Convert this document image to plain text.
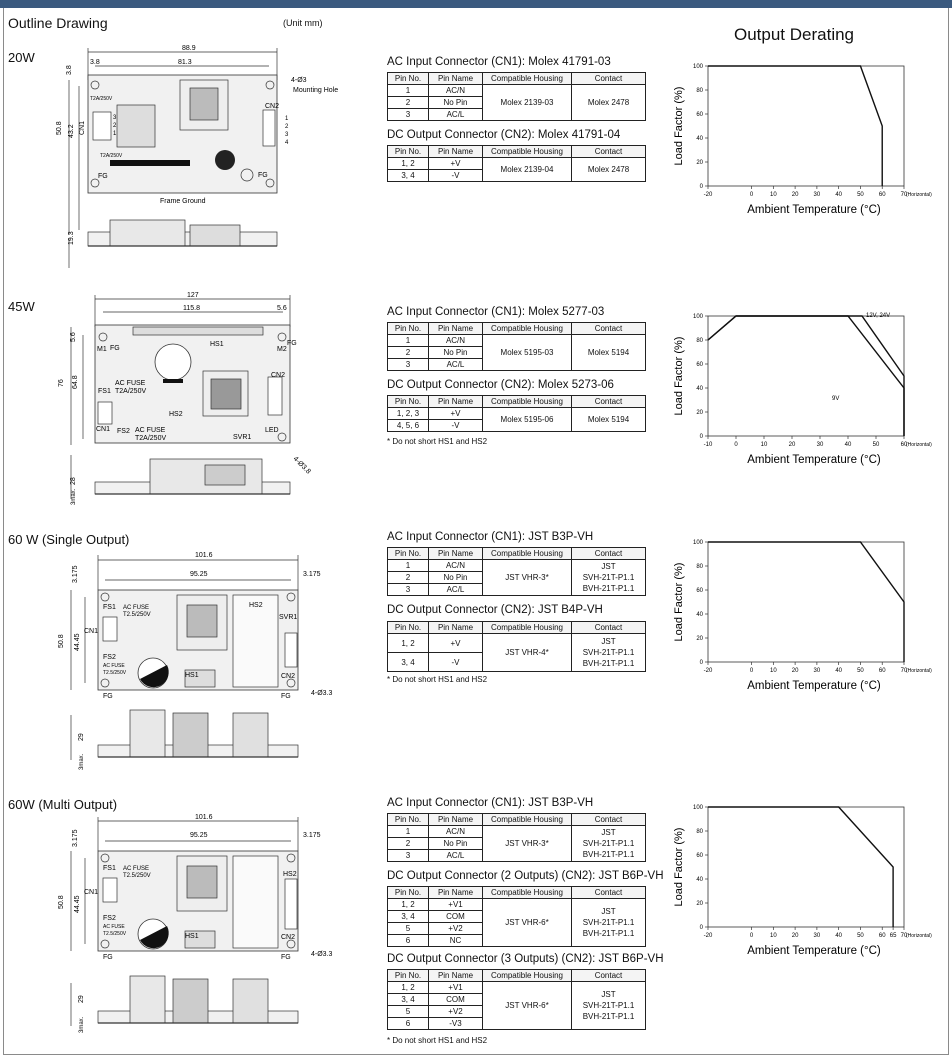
Outline Drawing	(Unit mm)
Output Derating
20W
45W
60 W (Single Output)
60W (Multi Output)
88.9
81.3
3.8
3.8
50.8 43.2
19.3
4-Ø3
Mounting Hole
CN1
CN2
FG	FG
Frame Ground
T2A/250V
T2A/250V
3
2
1
1
2
3
4
127
115.8
5.6
5.6
76 64.8
28
3max.
FG
FG
M1	M2
HS1
HS2
FS1
FS2
CN1
CN2
AC FUSE
T2A/250V
AC FUSE
T2A/250V	SVR1
LED
4-Ø3.8
101.6
95.25
3.175	3.175
50.8 44.45
29
3max.
FS1
FS2
CN1
CN2
HS2
HS1
SVR1
FG	FG
AC FUSE
T2.5/250V
AC FUSE
T2.5/250V
4-Ø3.3
101.6
95.25
3.175	3.175
50.8 44.45
29
3max.
FS1
FS2
CN1
CN2
HS2
HS1
FG	FG
AC FUSE
T2.5/250V
AC FUSE
T2.5/250V
4-Ø3.3
AC Input Connector (CN1): Molex 41791-03
Pin No.	Pin Name	Compatible Housing	Contact
1	AC/N	Molex 2139-03	Molex 2478
2	No Pin		
3	AC/L		
DC Output Connector (CN2): Molex 41791-04
Pin No.	Pin Name	Compatible Housing	Contact
1, 2	+V	Molex 2139-04	Molex 2478
3, 4	-V		
AC Input Connector (CN1): Molex 5277-03
Pin No.	Pin Name	Compatible Housing	Contact
1	AC/N	Molex 5195-03	Molex 5194
2	No Pin		
3	AC/L		
DC Output Connector (CN2): Molex 5273-06
Pin No.	Pin Name	Compatible Housing	Contact
1, 2, 3	+V	Molex 5195-06	Molex 5194
4, 5, 6	-V		
* Do not short HS1 and HS2
AC Input Connector (CN1): JST B3P-VH
Pin No.	Pin Name	Compatible Housing	Contact
1	AC/N	JST VHR-3*	JST
SVH-21T-P1.1
BVH-21T-P1.1

2	No Pin		
3	AC/L		
DC Output Connector (CN2): JST B4P-VH
Pin No.	Pin Name	Compatible Housing	Contact
1, 2	+V	JST VHR-4*	JST
SVH-21T-P1.1
BVH-21T-P1.1

3, 4	-V		
* Do not short HS1 and HS2
AC Input Connector (CN1): JST B3P-VH
Pin No.	Pin Name	Compatible Housing	Contact
1	AC/N	JST VHR-3*	JST
SVH-21T-P1.1
BVH-21T-P1.1

2	No Pin		
3	AC/L		
DC Output Connector (2 Outputs) (CN2): JST B6P-VH
Pin No.	Pin Name	Compatible Housing	Contact
1, 2	+V1	JST VHR-6*	JST
SVH-21T-P1.1
BVH-21T-P1.1

3, 4	COM		
5	+V2		
6	NC		
DC Output Connector (3 Outputs) (CN2): JST B6P-VH
Pin No.	Pin Name	Compatible Housing	Contact
1, 2	+V1	JST VHR-6*	JST
SVH-21T-P1.1
BVH-21T-P1.1

3, 4	COM		
5	+V2		
6	-V3		
* Do not short HS1 and HS2
0
20
40
60
80
100
-20	0	10	20	30	40	50	60	70
(Horizontal)
Ambient Temperature (°C)
Load Factor (%)
0
20
40
60
80
100
-10	0	10	20	30	40	50	60
(Horizontal)
Ambient Temperature (°C)
Load Factor (%)
12V, 24V
9V
0
20
40
60
80
100
-20	0	10	20	30	40	50	60	70
(Horizontal)
Ambient Temperature (°C)
Load Factor (%)
0
20
40
60
80
100
-20	0	10	20	30	40	50	60 65 70
(Horizontal)
Ambient Temperature (°C)
Load Factor (%)
